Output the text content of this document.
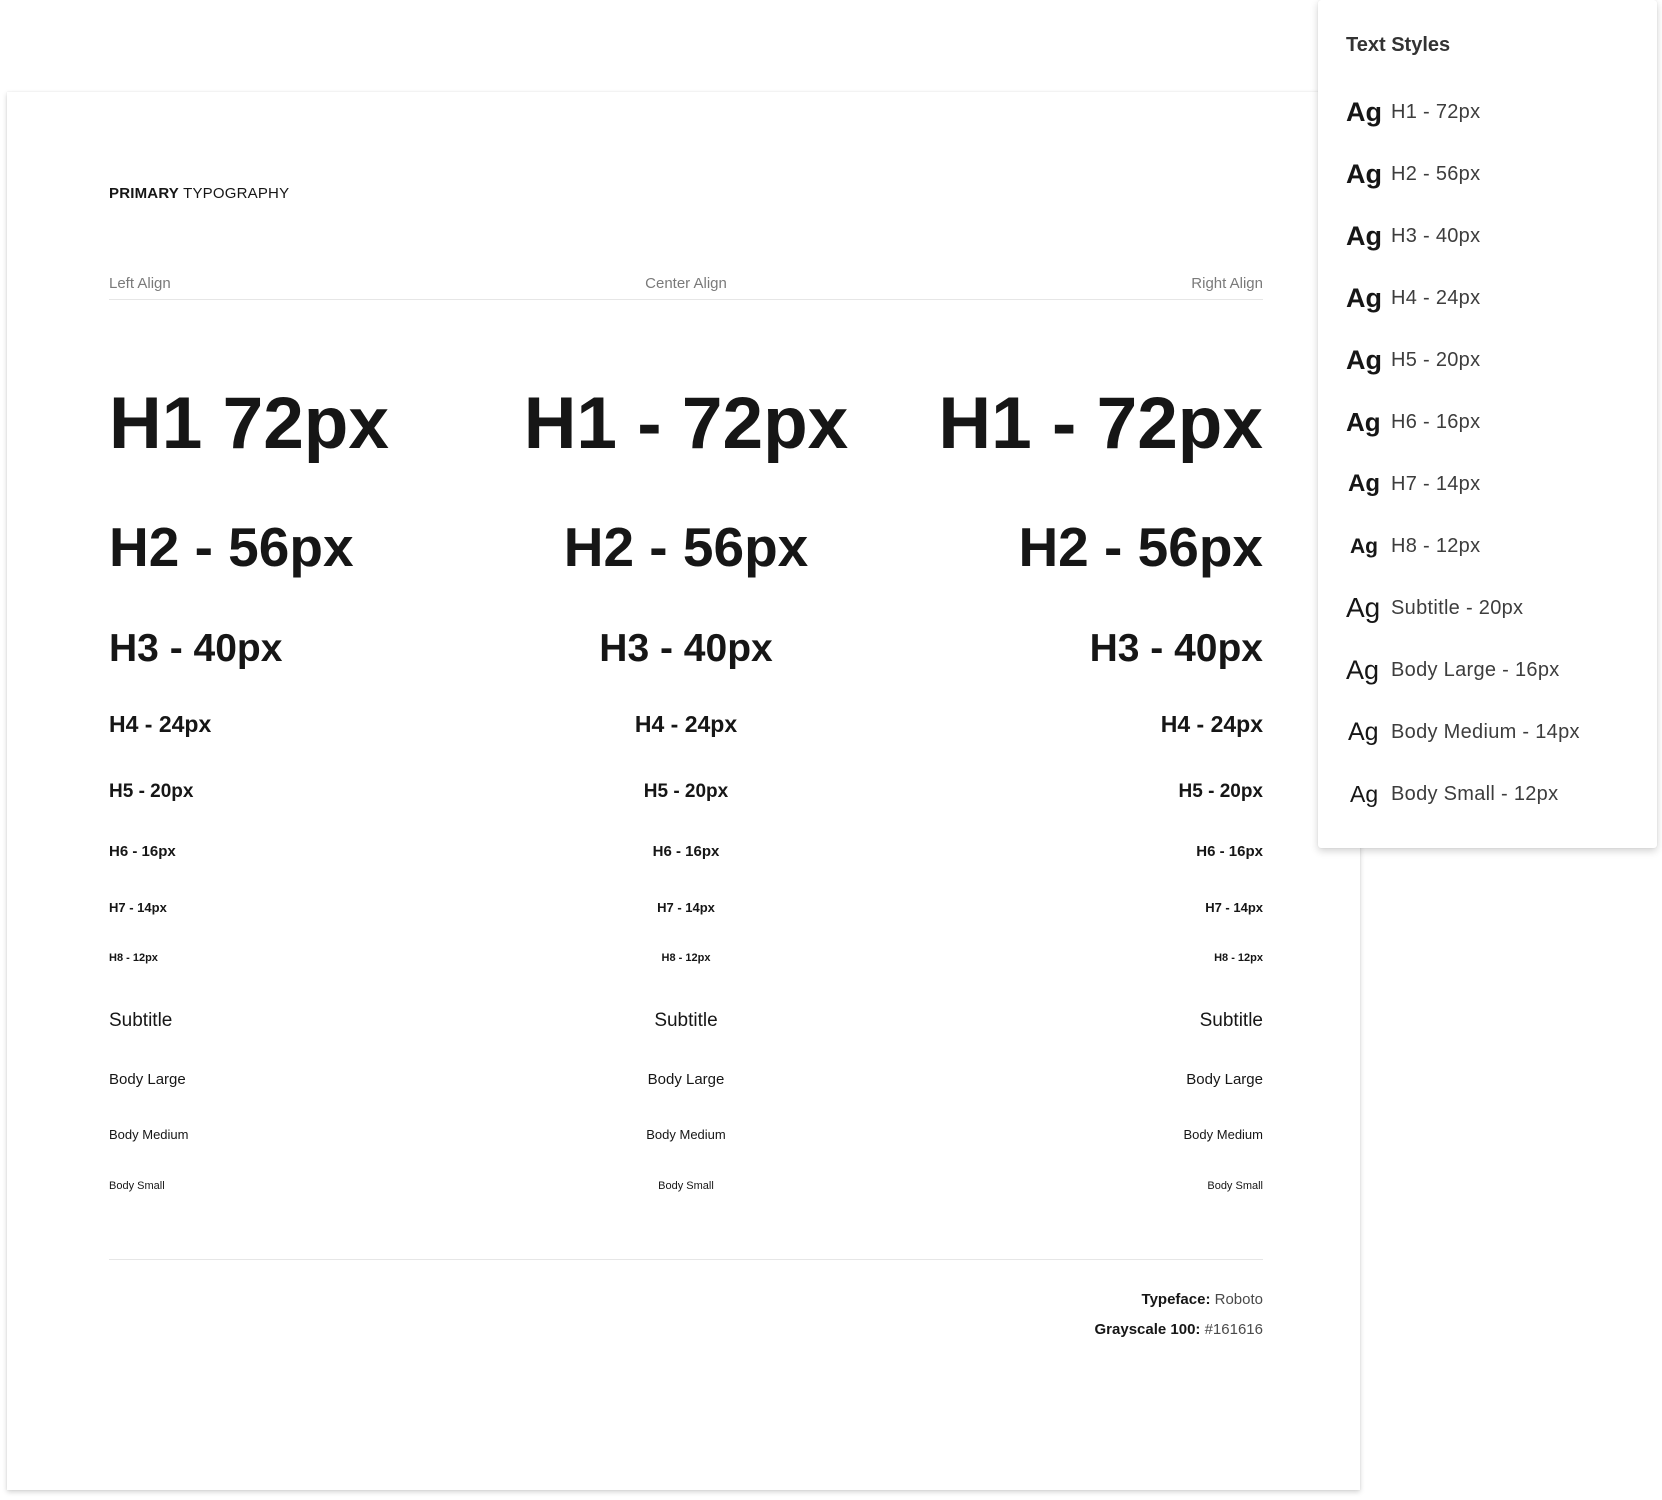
PRIMARY TYPOGRAPHY
Left Align	Center Align	Right Align
H1 72px
H2 - 56px
H3 - 40px
H4 - 24px
H5 - 20px
H6 - 16px
H7 - 14px
H8 - 12px
Subtitle
Body Large
Body Medium
Body Small
H1 - 72px
H2 - 56px
H3 - 40px
H4 - 24px
H5 - 20px
H6 - 16px
H7 - 14px
H8 - 12px
Subtitle
Body Large
Body Medium
Body Small
H1 - 72px
H2 - 56px
H3 - 40px
H4 - 24px
H5 - 20px
H6 - 16px
H7 - 14px
H8 - 12px
Subtitle
Body Large
Body Medium
Body Small
Typeface: Roboto
Grayscale 100: #161616
Text Styles
Ag H1 - 72px
Ag H2 - 56px
Ag H3 - 40px
Ag H4 - 24px
Ag H5 - 20px
Ag H6 - 16px
Ag H7 - 14px
Ag H8 - 12px
Ag Subtitle - 20px
Ag Body Large - 16px
Ag Body Medium - 14px
Ag Body Small - 12px
